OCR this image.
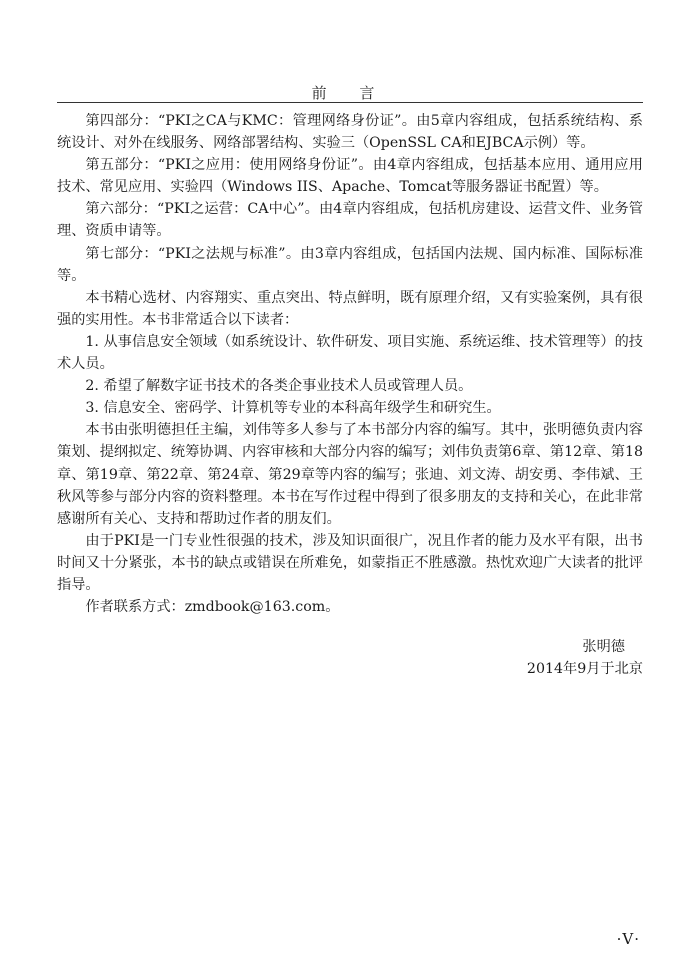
前 言

第四部分：“PKI之CA与KMC：管理网络身份证”。由5章内容组成，包括系统结构、系统设计、对外在线服务、网络部署结构、实验三（OpenSSL CA和EJBCA示例）等。

第五部分：“PKI之应用：使用网络身份证”。由4章内容组成，包括基本应用、通用应用技术、常见应用、实验四（Windows IIS、Apache、Tomcat等服务器证书配置）等。

第六部分：“PKI之运营：CA中心”。由4章内容组成，包括机房建设、运营文件、业务管理、资质申请等。

第七部分：“PKI之法规与标准”。由3章内容组成，包括国内法规、国内标准、国际标准等。

本书精心选材、内容翔实、重点突出、特点鲜明，既有原理介绍，又有实验案例，具有很强的实用性。本书非常适合以下读者：

1. 从事信息安全领域（如系统设计、软件研发、项目实施、系统运维、技术管理等）的技术人员。

2. 希望了解数字证书技术的各类企事业技术人员或管理人员。

3. 信息安全、密码学、计算机等专业的本科高年级学生和研究生。

本书由张明德担任主编，刘伟等多人参与了本书部分内容的编写。其中，张明德负责内容策划、提纲拟定、统筹协调、内容审核和大部分内容的编写；刘伟负责第6章、第12章、第18章、第19章、第22章、第24章、第29章等内容的编写；张迪、刘文涛、胡安勇、李伟斌、王秋风等参与部分内容的资料整理。本书在写作过程中得到了很多朋友的支持和关心，在此非常感谢所有关心、支持和帮助过作者的朋友们。

由于PKI是一门专业性很强的技术，涉及知识面很广，况且作者的能力及水平有限，出书时间又十分紧张，本书的缺点或错误在所难免，如蒙指正不胜感激。热忱欢迎广大读者的批评指导。

作者联系方式：zmdbook@163.com。

张明德
2014年9月于北京
·V·
